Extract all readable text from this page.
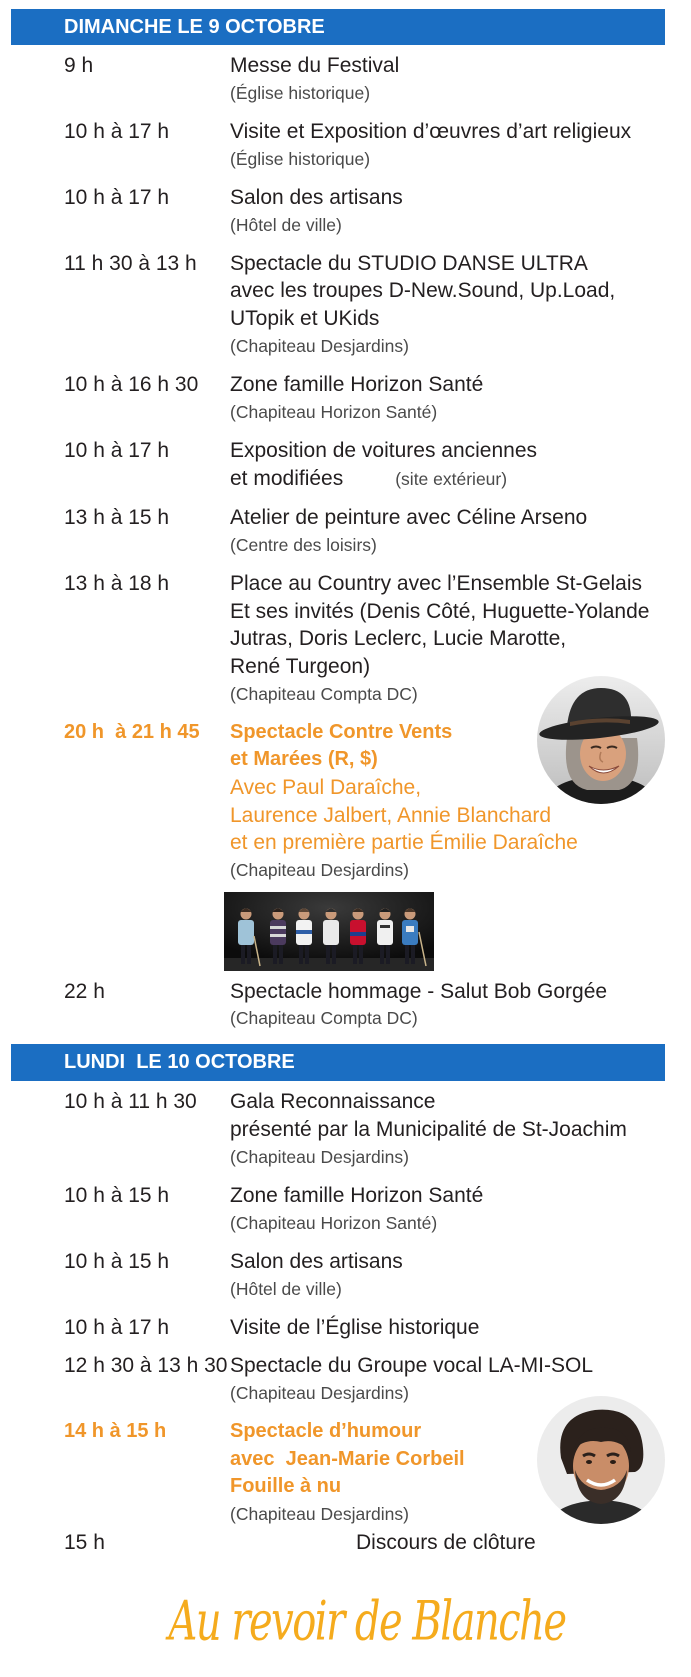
DIMANCHE LE 9 OCTOBRE
9 h	Messe du Festival
(Église historique)
10 h à 17 h	Visite et Exposition d’œuvres d’art religieux
(Église historique)
10 h à 17 h	Salon des artisans
(Hôtel de ville)
11 h 30 à 13 h	Spectacle du STUDIO DANSE ULTRA
avec les troupes D-New.Sound, Up.Load,
UTopik et UKids
(Chapiteau Desjardins)
10 h à 16 h 30	Zone famille Horizon Santé
(Chapiteau Horizon Santé)
10 h à 17 h	Exposition de voitures anciennes
et modifiées	(site extérieur)
13 h à 15 h	Atelier de peinture avec Céline Arseno
(Centre des loisirs)
13 h à 18 h	Place au Country avec l’Ensemble St-Gelais
Et ses invités (Denis Côté, Huguette-Yolande
Jutras, Doris Leclerc, Lucie Marotte,
René Turgeon)
(Chapiteau Compta DC)
20 h  à 21 h 45	Spectacle Contre Vents
et Marées (R, $)
Avec Paul Daraîche,
Laurence Jalbert, Annie Blanchard
et en première partie Émilie Daraîche
(Chapiteau Desjardins)
22 h	Spectacle hommage - Salut Bob Gorgée
(Chapiteau Compta DC)
LUNDI  LE 10 OCTOBRE
10 h à 11 h 30	Gala Reconnaissance
présenté par la Municipalité de St-Joachim
(Chapiteau Desjardins)
10 h à 15 h	Zone famille Horizon Santé
(Chapiteau Horizon Santé)
10 h à 15 h	Salon des artisans
(Hôtel de ville)
10 h à 17 h	Visite de l’Église historique
12 h 30 à 13 h 30 Spectacle du Groupe vocal LA-MI-SOL
(Chapiteau Desjardins)
14 h à 15 h	Spectacle d’humour
avec  Jean-Marie Corbeil
Fouille à nu
(Chapiteau Desjardins)
15 h	Discours de clôture
Au revoir de Blanche
